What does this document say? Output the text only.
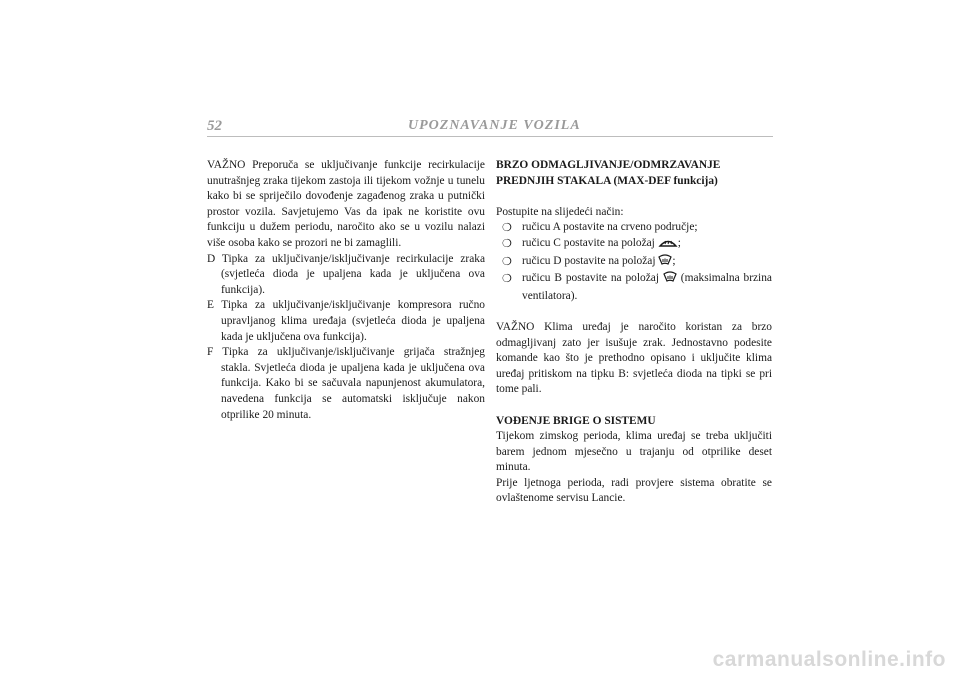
52	UPOZNAVANJE VOZILA

VAŽNO Preporuča se uključivanje funkcije recirkulacije unutrašnjeg zraka tijekom zastoja ili tijekom vožnje u tunelu kako bi se spriječilo dovođenje zagađenog zraka u putnički prostor vozila. Savjetujemo Vas da ipak ne koristite ovu funkciju u dužem periodu, naročito ako se u vozilu nalazi više osoba kako se prozori ne bi zamaglili.

D Tipka za uključivanje/isključivanje recirkulacije zraka (svjetleća dioda je upaljena kada je uključena ova funkcija).

E Tipka za uključivanje/isključivanje kompresora ručno upravljanog klima uređaja (svjetleća dioda je upaljena kada je uključena ova funkcija).

F Tipka za uključivanje/isključivanje grijača stražnjeg stakla. Svjetleća dioda je upaljena kada je uključena ova funkcija. Kako bi se sačuvala napunjenost akumulatora, navedena funkcija se automatski isključuje nakon otprilike 20 minuta.

BRZO ODMAGLJIVANJE/ODMRZAVANJE

PREDNJIH STAKALA (MAX-DEF funkcija)

Postupite na slijedeći način:

❍ ručicu A postavite na crveno područje;
❍ ručicu C postavite na položaj ;
❍ ručicu D postavite na položaj ;
❍ ručicu B postavite na položaj  (maksimalna brzina ventilatora).

VAŽNO Klima uređaj je naročito koristan za brzo odmagljivanj zato jer isušuje zrak. Jednostavno podesite komande kao što je prethodno opisano i uključite klima uređaj pritiskom na tipku B: svjetleća dioda na tipki se pri tome pali.

VOĐENJE BRIGE O SISTEMU

Tijekom zimskog perioda, klima uređaj se treba uključiti barem jednom mjesečno u trajanju od otprilike deset minuta.

Prije ljetnoga perioda, radi provjere sistema obratite se ovlaštenome servisu Lancie.

carmanualsonline.info
